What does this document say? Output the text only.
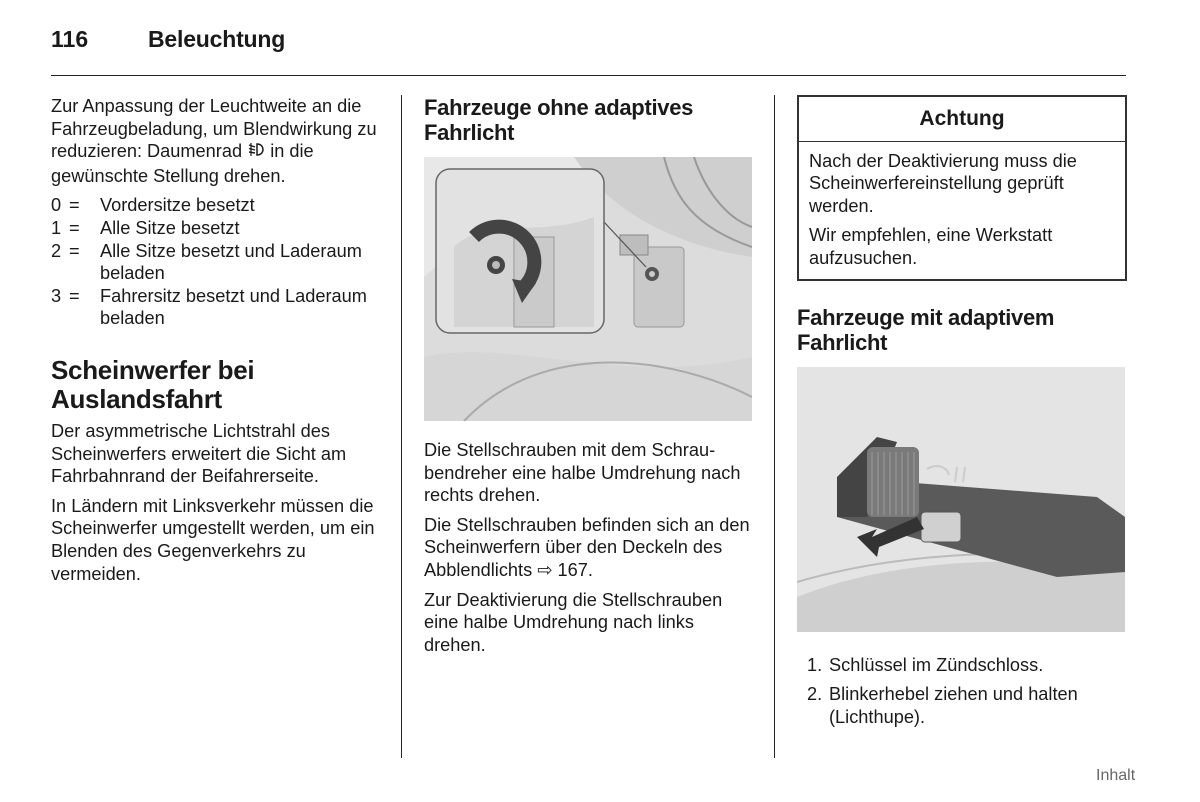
116	Beleuchtung

Zur Anpassung der Leuchtweite an die Fahrzeugbeladung, um Blendwirkung zu reduzieren: Daumenrad  in die gewünschte Stellung drehen.

0 =	Vordersitze besetzt
1 =	Alle Sitze besetzt
2 =	Alle Sitze besetzt und Laderaum beladen
3 =	Fahrersitz besetzt und Laderaum beladen
Scheinwerfer bei Auslandsfahrt

Der asymmetrische Lichtstrahl des Scheinwerfers erweitert die Sicht am Fahrbahnrand der Beifahrerseite.

In Ländern mit Linksverkehr müssen die Scheinwerfer umgestellt werden, um ein Blenden des Gegenverkehrs zu vermeiden.

Fahrzeuge ohne adaptives Fahrlicht

Die Stellschrauben mit dem Schraubendreher eine halbe Umdrehung nach rechts drehen.

Die Stellschrauben befinden sich an den Scheinwerfern über den Deckeln des Abblendlichts ⇨ 167.

Zur Deaktivierung die Stellschrauben eine halbe Umdrehung nach links drehen.

Achtung

Nach der Deaktivierung muss die Scheinwerfereinstellung geprüft werden.

Wir empfehlen, eine Werkstatt aufzusuchen.

Fahrzeuge mit adaptivem Fahrlicht
1. Schlüssel im Zündschloss.
2. Blinkerhebel ziehen und halten (Lichthupe).
Inhalt
